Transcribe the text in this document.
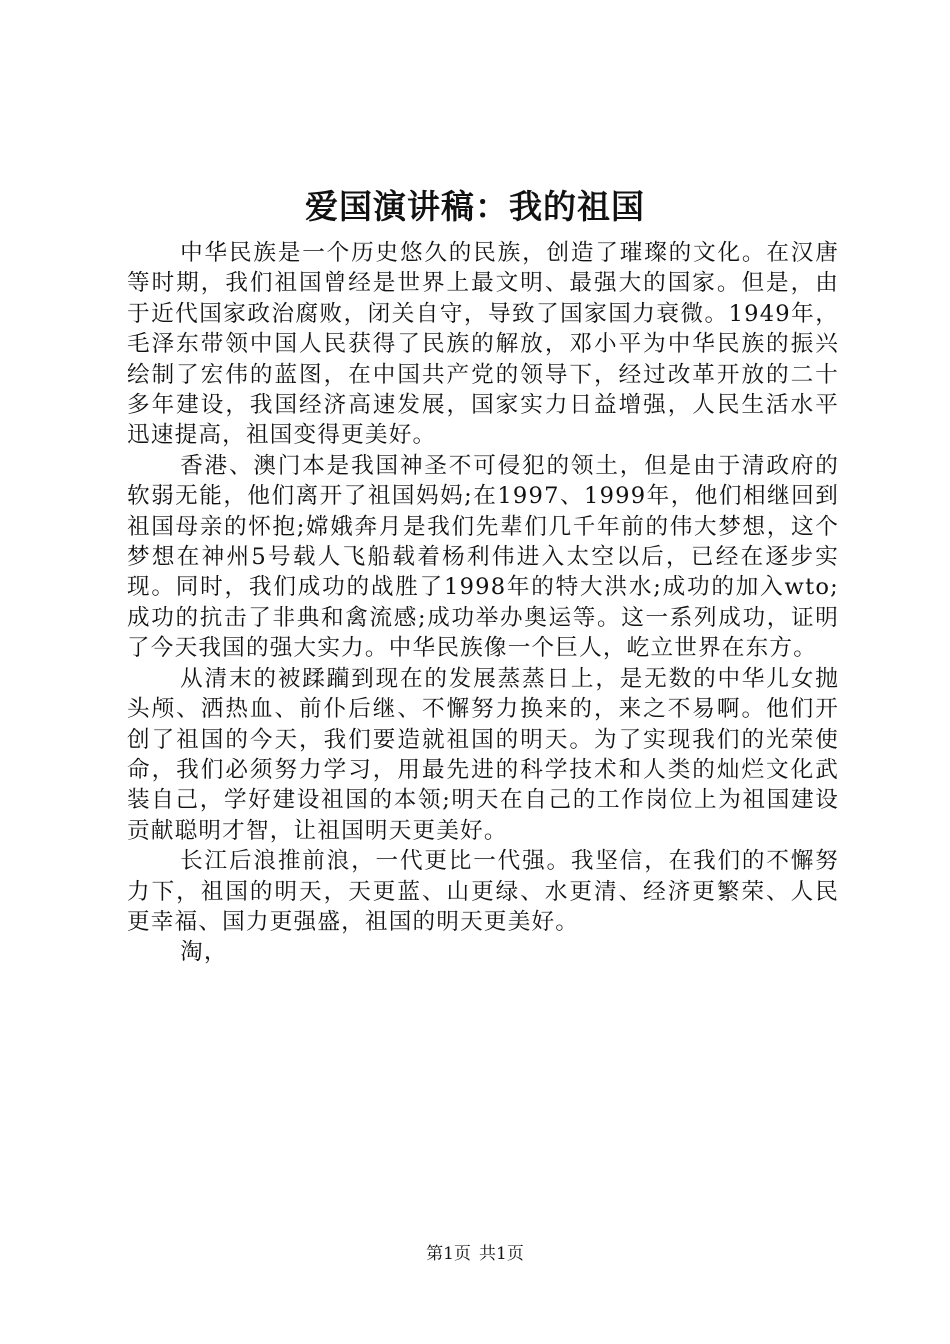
爱国演讲稿：我的祖国

中华民族是一个历史悠久的民族，创造了璀璨的文化。在汉唐等时期，我们祖国曾经是世界上最文明、最强大的国家。但是，由于近代国家政治腐败，闭关自守，导致了国家国力衰微。1949年，毛泽东带领中国人民获得了民族的解放，邓小平为中华民族的振兴绘制了宏伟的蓝图，在中国共产党的领导下，经过改革开放的二十多年建设，我国经济高速发展，国家实力日益增强，人民生活水平迅速提高，祖国变得更美好。

香港、澳门本是我国神圣不可侵犯的领土，但是由于清政府的软弱无能，他们离开了祖国妈妈;在1997、1999年，他们相继回到祖国母亲的怀抱;嫦娥奔月是我们先辈们几千年前的伟大梦想，这个梦想在神州5号载人飞船载着杨利伟进入太空以后，已经在逐步实现。同时，我们成功的战胜了1998年的特大洪水;成功的加入wto;成功的抗击了非典和禽流感;成功举办奥运等。这一系列成功，证明了今天我国的强大实力。中华民族像一个巨人，屹立世界在东方。

从清末的被蹂躏到现在的发展蒸蒸日上，是无数的中华儿女抛头颅、洒热血、前仆后继、不懈努力换来的，来之不易啊。他们开创了祖国的今天，我们要造就祖国的明天。为了实现我们的光荣使命，我们必须努力学习，用最先进的科学技术和人类的灿烂文化武装自己，学好建设祖国的本领;明天在自己的工作岗位上为祖国建设贡献聪明才智，让祖国明天更美好。

长江后浪推前浪，一代更比一代强。我坚信，在我们的不懈努力下，祖国的明天，天更蓝、山更绿、水更清、经济更繁荣、人民更幸福、国力更强盛，祖国的明天更美好。

淘，

第1页 共1页
